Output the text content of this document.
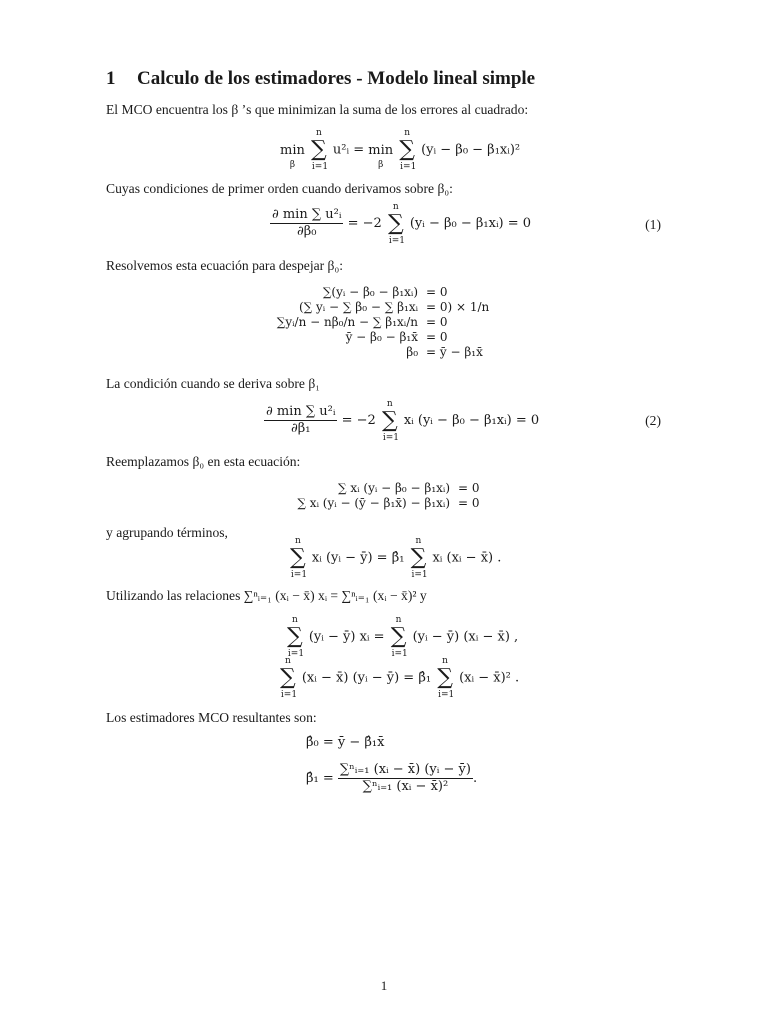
1 Calculo de los estimadores - Modelo lineal simple
El MCO encuentra los β ’s que minimizan la suma de los errores al cuadrado:
min
β
∑
n
i=1
u²ᵢ = min
β
∑
n
i=1
(yᵢ − β₀ − β₁xᵢ)²
Cuyas condiciones de primer orden cuando derivamos sobre β₀:
$\frac{\text{∂ min ∑ u²ᵢ}}{\text{∂β₀}} = -2$ ∑
n
i=1
(yᵢ − β₀ − β₁xᵢ) = 0	(1)
Resolvemos esta ecuación para despejar β₀:
∑(yᵢ − β₀ − β₁xᵢ) = 0
(∑ yᵢ − ∑ β₀ − ∑ β₁xᵢ = 0) × 1/n
∑yᵢ/n − nβ₀/n − ∑ β₁xᵢ/n = 0
ȳ − β₀ − β₁x̄ = 0
β₀ = ȳ − β₁x̄
La condición cuando se deriva sobre β₁
$\frac{\text{∂ min ∑ u²ᵢ}}{\text{∂β₁}} = -2$ ∑
n
i=1
xᵢ (yᵢ − β₀ − β₁xᵢ) = 0	(2)
Reemplazamos β₀ en esta ecuación:
∑ xᵢ (yᵢ − β₀ − β₁xᵢ) = 0
∑ xᵢ (yᵢ − (ȳ − β₁x̄) − β₁xᵢ) = 0
y agrupando términos,
∑
n
i=1
xᵢ (yᵢ − ȳ) = β̂₁ ∑
n
i=1
xᵢ (xᵢ − x̄) .
Utilizando las relaciones ∑ⁿᵢ₌₁ (xᵢ − x̄) xᵢ = ∑ⁿᵢ₌₁ (xᵢ − x̄)² y
∑
n
i=1
(yᵢ − ȳ) xᵢ = ∑
n
i=1
(yᵢ − ȳ) (xᵢ − x̄) ,
∑
n
i=1
(xᵢ − x̄) (yᵢ − ȳ) = β̂₁ ∑
n
i=1
(xᵢ − x̄)² .
Los estimadores MCO resultantes son:
β̂₀ = ȳ − β̂₁x̄
β̂₁ = $\frac{\text{∑ⁿᵢ₌₁ (xᵢ − x̄) (yᵢ − ȳ)}}{\text{∑ⁿᵢ₌₁ (xᵢ − x̄)²}}$ .
1
